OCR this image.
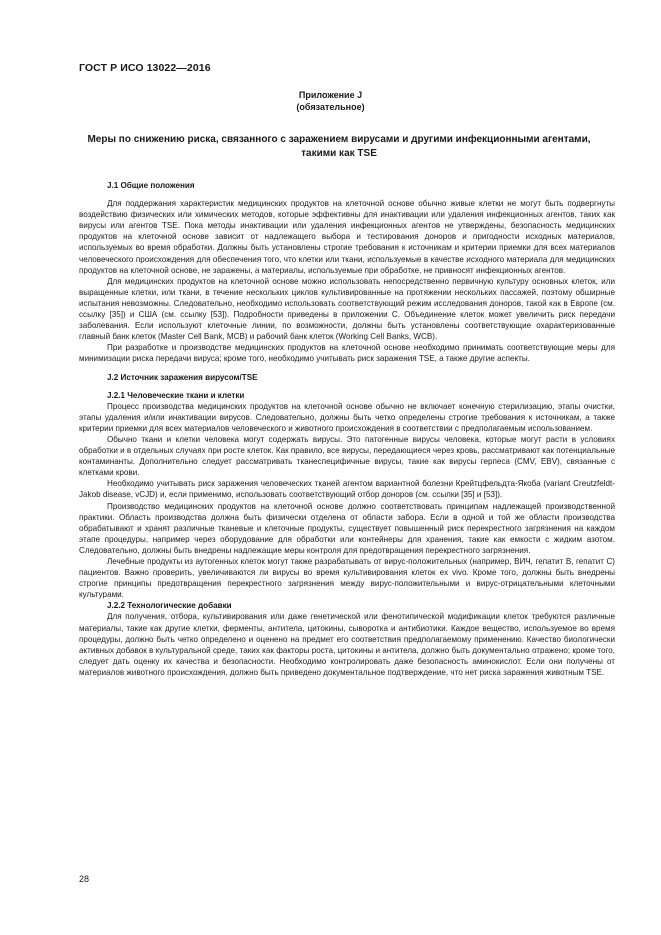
ГОСТ Р ИСО 13022—2016
Приложение J
(обязательное)
Меры по снижению риска, связанного с заражением вирусами и другими инфекционными агентами, такими как TSE
J.1 Общие положения

Для поддержания характеристик медицинских продуктов на клеточной основе обычно живые клетки не могут быть подвергнуты воздействию физических или химических методов, которые эффективны для инактивации или удаления инфекционных агентов, таких как вирусы или агентов TSE. Пока методы инактивации или удаления инфекционных агентов не утверждены, безопасность медицинских продуктов на клеточной основе зависит от надлежащего выбора и тестирования доноров и пригодности исходных материалов, используемых во время обработки. Должны быть установлены строгие требования к источникам и критерии приемки для всех материалов человеческого происхождения для обеспечения того, что клетки или ткани, используемые в качестве исходного материала для медицинских продуктов на клеточной основе, не заражены, а материалы, используемые при обработке, не привносят инфекционных агентов.

Для медицинских продуктов на клеточной основе можно использовать непосредственно первичную культуру основных клеток, или выращенные клетки, или ткани, в течение нескольких циклов культивированные на протяжении нескольких пассажей, поэтому обширные испытания невозможны. Следовательно, необходимо использовать соответствующий режим исследования доноров, такой как в Европе (см. ссылку [35]) и США (см. ссылку [53]). Подробности приведены в приложении С. Объединение клеток может увеличить риск передачи заболевания. Если используют клеточные линии, по возможности, должны быть установлены соответствующие охарактеризованные главный банк клеток (Master Cell Bank, MCB) и рабочий банк клеток (Working Cell Banks, WCB).

При разработке и производстве медицинских продуктов на клеточной основе необходимо принимать соответствующие меры для минимизации риска передачи вируса; кроме того, необходимо учитывать риск заражения TSE, а также другие аспекты.

J.2 Источник заражения вирусом/TSE
J.2.1 Человеческие ткани и клетки

Процесс производства медицинских продуктов на клеточной основе обычно не включает конечную стерилизацию, этапы очистки, этапы удаления и/или инактивации вирусов. Следовательно, должны быть четко определены строгие требования к источникам, а также критерии приемки для всех материалов человеческого и животного происхождения в соответствии с предполагаемым использованием.

Обычно ткани и клетки человека могут содержать вирусы. Это патогенные вирусы человека, которые могут расти в условиях обработки и в отдельных случаях при росте клеток. Как правило, все вирусы, передающиеся через кровь, рассматривают как потенциальные контаминанты. Дополнительно следует рассматривать тканеспецифичные вирусы, такие как вирусы герпеса (CMV, EBV), связанные с клетками крови.

Необходимо учитывать риск заражения человеческих тканей агентом вариантной болезни Крейтцфельдта-Якоба (variant Creutzfeldt-Jakob disease, vCJD) и, если применимо, использовать соответствующий отбор доноров (см. ссылки [35] и [53]).

Производство медицинских продуктов на клеточной основе должно соответствовать принципам надлежащей производственной практики. Область производства должна быть физически отделена от области забора. Если в одной и той же области производства обрабатывают и хранят различные тканевые и клеточные продукты, существует повышенный риск перекрестного загрязнения на каждом этапе процедуры, например через оборудование для обработки или контейнеры для хранения, такие как емкости с жидким азотом. Следовательно, должны быть внедрены надлежащие меры контроля для предотвращения перекрестного загрязнения.

Лечебные продукты из аутогенных клеток могут также разрабатывать от вирус-положительных (например, ВИЧ, гепатит В, гепатит С) пациентов. Важно проверить, увеличиваются ли вирусы во время культивирования клеток ex vivo. Кроме того, должны быть внедрены строгие принципы предотвращения перекрестного загрязнения между вирус-положительными и вирус-отрицательными клеточными культурами.

J.2.2 Технологические добавки

Для получения, отбора, культивирования или даже генетической или фенотипической модификации клеток требуются различные материалы, такие как другие клетки, ферменты, антитела, цитокины, сыворотка и антибиотики. Каждое вещество, используемое во время процедуры, должно быть четко определено и оценено на предмет его соответствия предполагаемому применению. Качество биологически активных добавок в культуральной среде, таких как факторы роста, цитокины и антитела, должно быть документально отражено; кроме того, следует дать оценку их качества и безопасности. Необходимо контролировать даже безопасность аминокислот. Если они получены от материалов животного происхождения, должно быть приведено документальное подтверждение, что нет риска заражения животным TSE.

28
